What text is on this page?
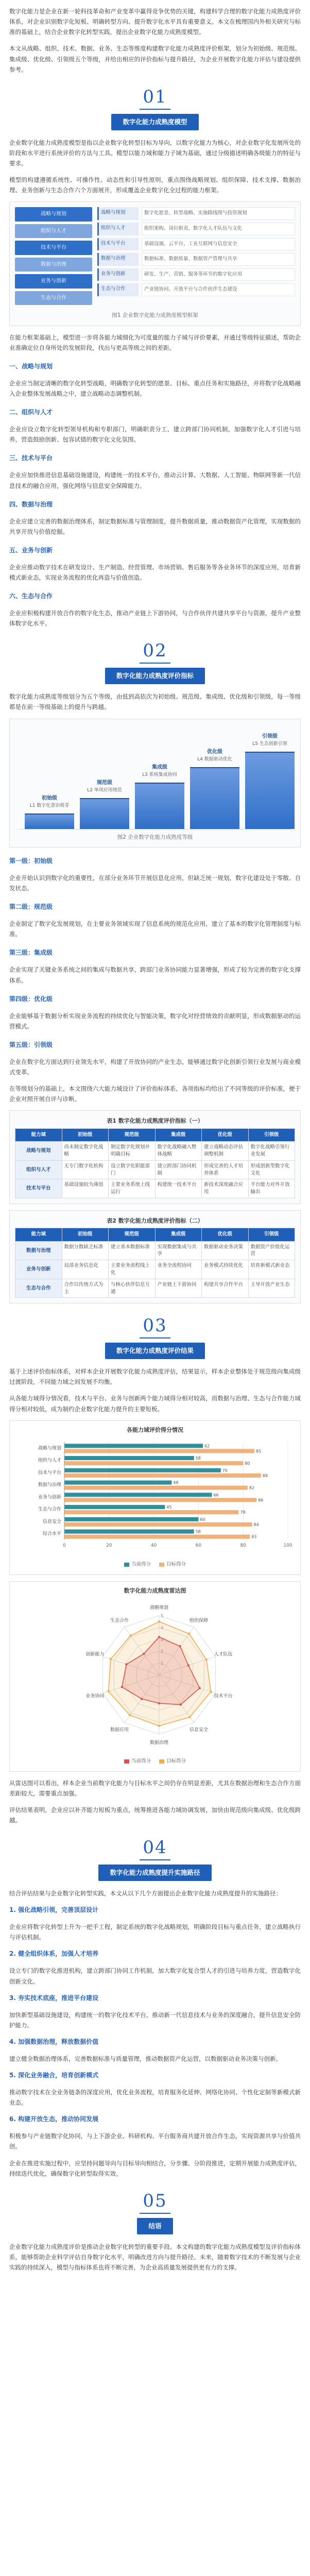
数字化能力是企业在新一轮科技革命和产业变革中赢得竞争优势的关键，构建科学合理的数字化能力成熟度评价体系，对企业识别数字化短板、明确转型方向、提升数字化水平具有重要意义。本文在梳理国内外相关研究与标准的基础上，结合企业数字化转型实践，提出企业数字化能力成熟度模型。

本文从战略、组织、技术、数据、业务、生态等维度构建数字化能力成熟度评价框架，划分为初始级、规范级、集成级、优化级、引领级五个等级，并给出相应的评价指标与提升路径，为企业开展数字化能力评估与建设提供参考。

01
数字化能力成熟度模型

企业数字化能力成熟度模型是指以企业数字化转型目标为导向，以数字化能力为核心，对企业数字化发展所处的阶段和水平进行系统评价的方法与工具。模型以能力域和能力子域为基础，通过分级描述明确各级能力的特征与要求。

模型的构建遵循系统性、可操作性、动态性和引导性原则，重点围绕战略规划、组织保障、技术支撑、数据治理、业务创新与生态合作六个方面展开，形成覆盖企业数字化全过程的能力框架。

战略与规划
组织与人才
技术与平台
数据与治理
业务与创新
生态与合作
战略与规划	数字化愿景、转型战略、实施路线图与投资规划
组织与人才	组织架构、岗位职责、数字化人才队伍与文化
技术与平台	基础设施、云平台、工业互联网与信息安全
数据与治理	数据标准、数据质量、数据资产管理与共享
业务与创新	研发、生产、营销、服务等环节的数字化应用
生态与合作	产业链协同、开放平台与合作伙伴生态建设
图1 企业数字化能力成熟度模型框架

在能力框架基础上，模型进一步将各能力域细化为可度量的能力子域与评价要素，并通过等级特征描述，帮助企业准确定位自身所处的发展阶段，找出与更高等级之间的差距。

一、战略与规划

企业应当制定清晰的数字化转型战略，明确数字化转型的愿景、目标、重点任务和实施路径，并将数字化战略融入企业整体发展战略之中，建立战略动态调整机制。

二、组织与人才

企业应设立数字化转型领导机构和专职部门，明确职责分工，建立跨部门协同机制，加强数字化人才引进与培养，营造鼓励创新、包容试错的数字化文化氛围。

三、技术与平台

企业应加快推进信息基础设施建设，构建统一的技术平台，推动云计算、大数据、人工智能、物联网等新一代信息技术的融合应用，强化网络与信息安全保障能力。

四、数据与治理

企业应建立完善的数据治理体系，制定数据标准与管理制度，提升数据质量，推动数据资产化管理，实现数据的共享开放与价值挖掘。

五、业务与创新

企业应推动数字技术在研发设计、生产制造、经营管理、市场营销、售后服务等各业务环节的深度应用，培育新模式新业态，实现业务流程的优化再造与价值创造。

六、生态与合作

企业应积极构建开放合作的数字化生态，推动产业链上下游协同，与合作伙伴共建共享平台与资源，提升产业整体数字化水平。

02
数字化能力成熟度评价指标

数字化能力成熟度等级划分为五个等级，由低到高依次为初始级、规范级、集成级、优化级和引领级，每一等级都是在前一等级基础上的提升与跨越。

初始级
L1 数字化意识萌芽
规范级
L2 单项应用规范
集成级
L3 系统集成协同
优化级
L4 数据驱动优化
引领级
L5 生态创新引领
图2 企业数字化能力成熟度等级
第一级：初始级

企业开始认识到数字化的重要性，在部分业务环节开展信息化应用，但缺乏统一规划，数字化建设处于零散、自发状态。

第二级：规范级

企业制定了数字化发展规划，在主要业务领域实现了信息系统的规范化应用，建立了基本的数字化管理制度与标准。

第三级：集成级

企业实现了关键业务系统之间的集成与数据共享，跨部门业务协同能力显著增强，形成了较为完善的数字化支撑体系。

第四级：优化级

企业能够基于数据分析实现业务流程的持续优化与智能决策，数字化对经营绩效的贡献明显，形成数据驱动的运营模式。

第五级：引领级

企业在数字化方面达到行业领先水平，构建了开放协同的产业生态，能够通过数字化创新引领行业发展与商业模式变革。

在等级划分的基础上，本文围绕六大能力域设计了评价指标体系，各项指标均给出了不同等级的评价标准，便于企业对照开展自评与诊断。

表1 数字化能力成熟度评价指标（一）
能力域	初始级	规范级	集成级	优化级	引领级
战略与规划	尚未制定数字化战略	制定数字化规划并明确目标	数字化战略融入整体战略	建立战略动态评估调整机制	数字化战略引领行业发展
组织与人才	无专门数字化机构	设立数字化职能部门	建立跨部门协同机制	形成完善的人才培养体系	形成创新型数字化文化
技术与平台	基础设施较为薄弱	主要业务系统上线运行	构建统一技术平台	新技术深度融合应用	平台能力对外开放输出
表2 数字化能力成熟度评价指标（二）
能力域	初始级	规范级	集成级	优化级	引领级
数据与治理	数据分散缺乏标准	建立基本数据标准	实现数据集成与共享	数据驱动业务决策	数据资产价值化运营
业务与创新	局部业务信息化	主要业务流程线上化	业务全流程协同	业务模式持续优化	培育新模式新业态
生态与合作	合作以传统方式为主	与核心伙伴信息互通	产业链上下游协同	构建共享合作平台	主导开放产业生态
03
数字化能力成熟度评价结果

基于上述评价指标体系，对样本企业开展数字化能力成熟度评估，结果显示，样本企业整体处于规范级向集成级过渡阶段，不同能力域之间发展不均衡。

从各能力域得分情况看，技术与平台、业务与创新两个能力域得分相对较高，而数据与治理、生态与合作能力域得分相对较低，成为制约企业数字化能力提升的主要短板。

各能力域评价得分情况
0	20	40	60	80	100
战略与规划	62
85
组织与人才	58
80
技术与平台	70
88
数据与治理	48
82
业务与创新	66
86
生态与合作	45
78
信息安全	60
84
综合水平	58
83
当前得分	目标得分
数字化能力成熟度雷达图
1
2
3
4
5
战略规划
组织保障
人才队伍
技术平台
信息安全
数据治理
数据应用
业务协同
创新能力
生态合作
当前得分	目标得分

从雷达图可以看出，样本企业当前数字化能力与目标水平之间仍存在明显差距，尤其在数据治理和生态合作方面差距较大，需要重点加强。

评估结果表明，企业应以补齐能力短板为重点，统筹推进各能力域协调发展，加快由规范级向集成级、优化级跨越。

04
数字化能力成熟度提升实施路径

结合评估结果与企业数字化转型实践，本文从以下几个方面提出企业数字化能力成熟度提升的实施路径：

1. 强化战略引领，完善顶层设计

企业应将数字化转型上升为一把手工程，制定系统的数字化战略规划，明确阶段目标与重点任务，建立战略执行与评估机制。

2. 健全组织体系，加强人才培养

设立专门的数字化推进机构，建立跨部门协同工作机制，加大数字化复合型人才的引进与培养力度，营造数字化创新文化。

3. 夯实技术底座，推进平台建设

加快新型基础设施建设，构建统一的数字化技术平台，推动新一代信息技术与业务的深度融合，提升信息安全防护能力。

4. 加强数据治理，释放数据价值

建立健全数据治理体系，完善数据标准与质量管理，推动数据资产化运营，以数据驱动业务决策与创新。

5. 深化业务融合，培育创新模式

推动数字技术在全业务链条的深度应用，优化业务流程，培育服务化延伸、网络化协同、个性化定制等新模式新业态。

6. 构建开放生态，推动协同发展

积极参与产业链数字化协同，与上下游企业、科研机构、平台服务商共建开放合作生态，实现资源共享与价值共创。

企业在推进实施过程中，应坚持问题导向与目标导向相结合，分步骤、分阶段推进，定期开展能力成熟度评估，持续迭代优化，确保数字化转型取得实效。

05
结语

企业数字化能力成熟度评价是推动企业数字化转型的重要手段。本文构建的数字化能力成熟度模型及评价指标体系，能够帮助企业科学评估自身数字化水平，明确改进方向与提升路径。未来，随着数字技术的不断发展与企业实践的持续深入，模型与指标体系也将不断完善，为企业高质量发展提供更有力的支撑。
